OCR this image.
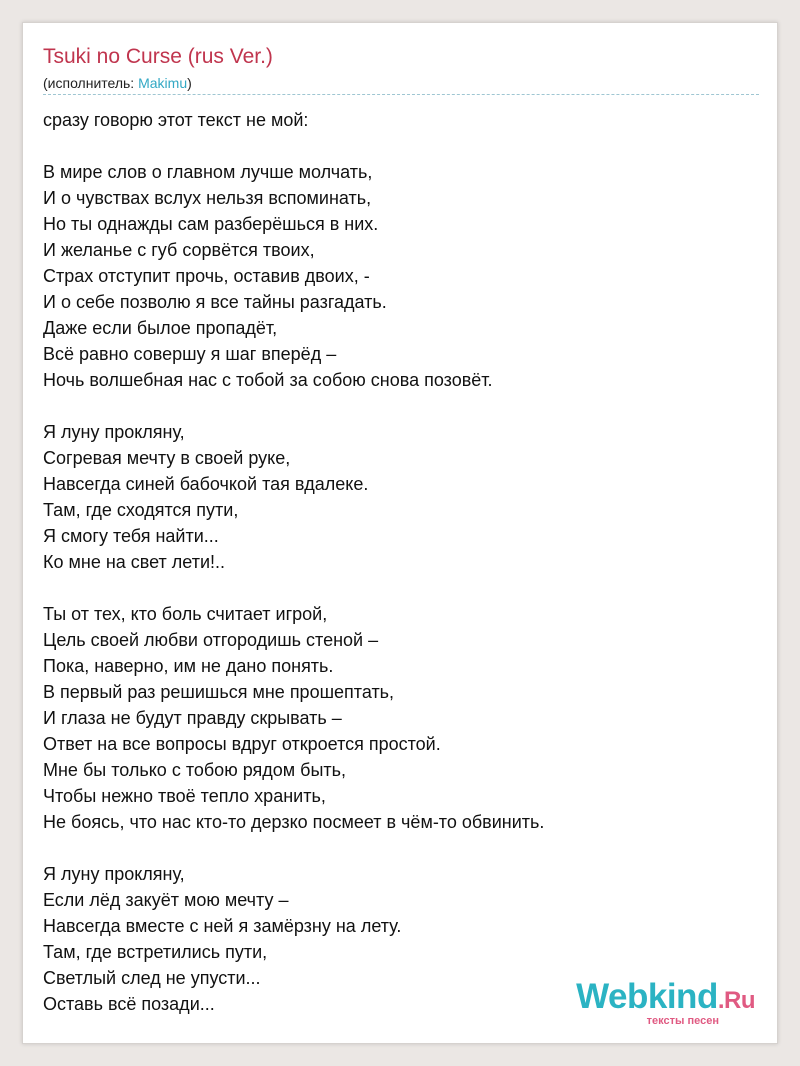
Tsuki no Curse (rus Ver.)
(исполнитель: Makimu)
сразу говорю этот текст не мой:
В мире слов о главном лучше молчать,
И о чувствах вслух нельзя вспоминать,
Но ты однажды сам разберёшься в них.
И желанье с губ сорвётся твоих,
Страх отступит прочь, оставив двоих, -
И о себе позволю я все тайны разгадать.
Даже если былое пропадёт,
Всё равно совершу я шаг вперёд –
Ночь волшебная нас с тобой за собою снова позовёт.
Я луну прокляну,
Согревая мечту в своей руке,
Навсегда синей бабочкой тая вдалеке.
Там, где сходятся пути,
Я смогу тебя найти...
Ко мне на свет лети!..
Ты от тех, кто боль считает игрой,
Цель своей любви отгородишь стеной –
Пока, наверно, им не дано понять.
В первый раз решишься мне прошептать,
И глаза не будут правду скрывать –
Ответ на все вопросы вдруг откроется простой.
Мне бы только с тобою рядом быть,
Чтобы нежно твоё тепло хранить,
Не боясь, что нас кто-то дерзко посмеет в чём-то обвинить.
Я луну прокляну,
Если лёд закуёт мою мечту –
Навсегда вместе с ней я замёрзну на лету.
Там, где встретились пути,
Светлый след не упусти...
Оставь всё позади...	Webkind.Ru
тексты песен
